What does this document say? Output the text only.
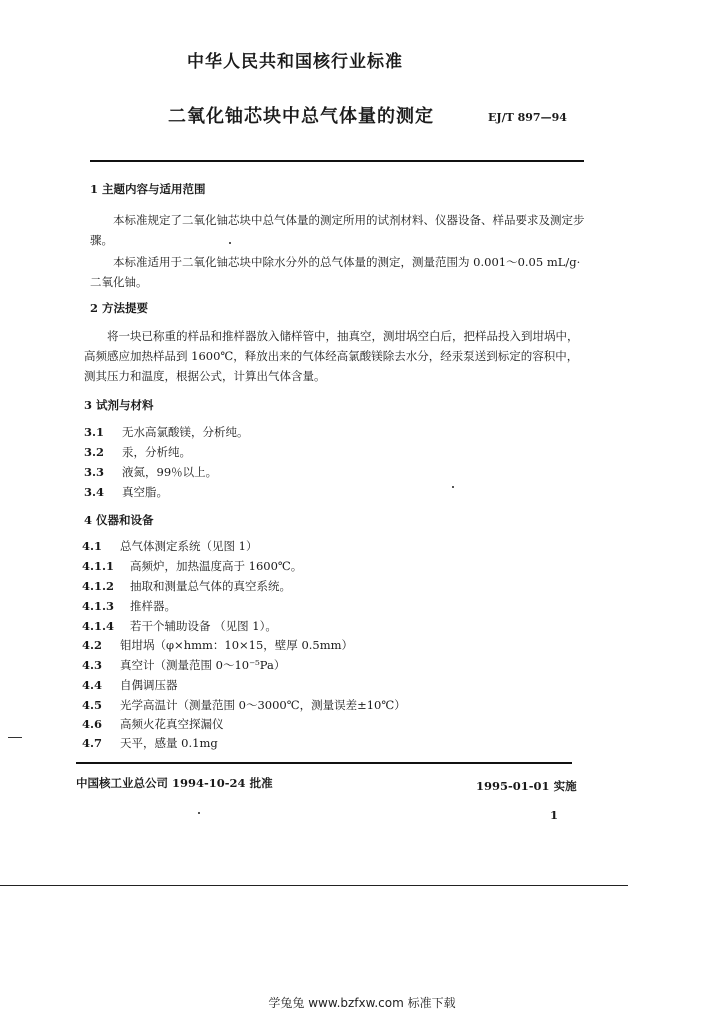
中华人民共和国核行业标准
二氧化铀芯块中总气体量的测定	EJ/T 897—94
1 主题内容与适用范围
本标准规定了二氧化铀芯块中总气体量的测定所用的试剂材料、仪器设备、样品要求及测定步骤。
本标准适用于二氧化铀芯块中除水分外的总气体量的测定，测量范围为 0.001～0.05 mL/g·二氧化铀。
2 方法提要
将一块已称重的样品和推样器放入储样管中，抽真空，测坩埚空白后，把样品投入到坩埚中，高频感应加热样品到 1600℃，释放出来的气体经高氯酸镁除去水分，经汞泵送到标定的容积中，测其压力和温度，根据公式，计算出气体含量。
3 试剂与材料
3.1 无水高氯酸镁，分析纯。
3.2 汞，分析纯。
3.3 液氮，99％以上。
3.4 真空脂。
4 仪器和设备
4.1 总气体测定系统（见图 1）
4.1.1 高频炉，加热温度高于 1600℃。
4.1.2 抽取和测量总气体的真空系统。
4.1.3 推样器。
4.1.4 若干个辅助设备 （见图 1）。
4.2 钼坩埚（φ×hmm：10×15，壁厚 0.5mm）
4.3 真空计（测量范围 0～10⁻⁵Pa）
4.4 自偶调压器
4.5 光学高温计（测量范围 0～3000℃，测量误差±10℃）
4.6 高频火花真空探漏仪
4.7 天平，感量 0.1mg
中国核工业总公司 1994-10-24 批准	1995-01-01 实施
1
学兔兔 www.bzfxw.com 标准下载
